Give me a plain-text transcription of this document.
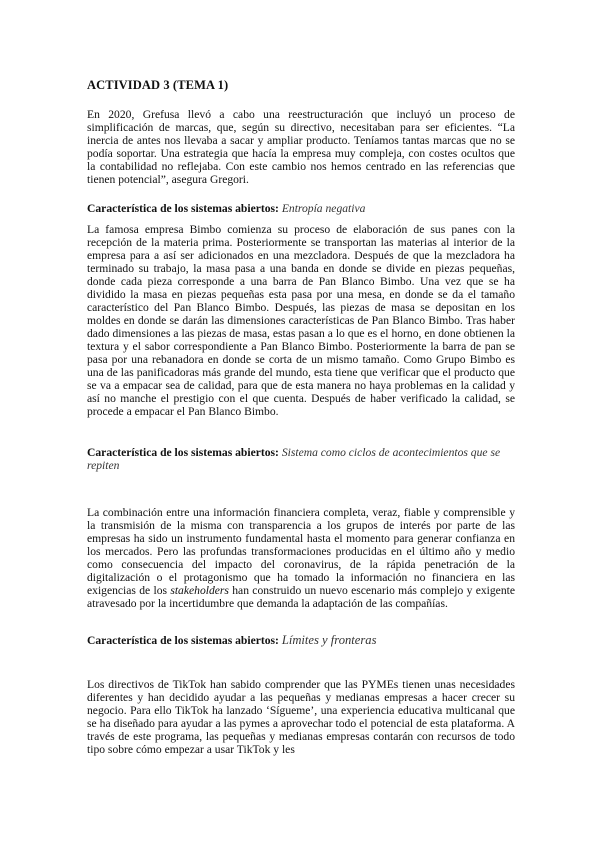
ACTIVIDAD 3 (TEMA 1)

En 2020, Grefusa llevó a cabo una reestructuración que incluyó un proceso de simplificación de marcas, que, según su directivo, necesitaban para ser eficientes. “La inercia de antes nos llevaba a sacar y ampliar producto. Teníamos tantas marcas que no se podía soportar. Una estrategia que hacía la empresa muy compleja, con costes ocultos que la contabilidad no reflejaba. Con este cambio nos hemos centrado en las referencias que tienen potencial”, asegura Gregori.

Característica de los sistemas abiertos: Entropía negativa

La famosa empresa Bimbo comienza su proceso de elaboración de sus panes con la recepción de la materia prima. Posteriormente se transportan las materias al interior de la empresa para a así ser adicionados en una mezcladora. Después de que la mezcladora ha terminado su trabajo, la masa pasa a una banda en donde se divide en piezas pequeñas, donde cada pieza corresponde a una barra de Pan Blanco Bimbo. Una vez que se ha dividido la masa en piezas pequeñas esta pasa por una mesa, en donde se da el tamaño característico del Pan Blanco Bimbo. Después, las piezas de masa se depositan en los moldes en donde se darán las dimensiones características de Pan Blanco Bimbo. Tras haber dado dimensiones a las piezas de masa, estas pasan a lo que es el horno, en done obtienen la textura y el sabor correspondiente a Pan Blanco Bimbo. Posteriormente la barra de pan se pasa por una rebanadora en donde se corta de un mismo tamaño. Como Grupo Bimbo es una de las panificadoras más grande del mundo, esta tiene que verificar que el producto que se va a empacar sea de calidad, para que de esta manera no haya problemas en la calidad y así no manche el prestigio con el que cuenta. Después de haber verificado la calidad, se procede a empacar el Pan Blanco Bimbo.

Característica de los sistemas abiertos: Sistema como ciclos de acontecimientos que se repiten

La combinación entre una información financiera completa, veraz, fiable y comprensible y la transmisión de la misma con transparencia a los grupos de interés por parte de las empresas ha sido un instrumento fundamental hasta el momento para generar confianza en los mercados. Pero las profundas transformaciones producidas en el último año y medio como consecuencia del impacto del coronavirus, de la rápida penetración de la digitalización o el protagonismo que ha tomado la información no financiera en las exigencias de los stakeholders han construido un nuevo escenario más complejo y exigente atravesado por la incertidumbre que demanda la adaptación de las compañías.

Característica de los sistemas abiertos: Límites y fronteras

Los directivos de TikTok han sabido comprender que las PYMEs tienen unas necesidades diferentes y han decidido ayudar a las pequeñas y medianas empresas a hacer crecer su negocio. Para ello TikTok ha lanzado ‘Sígueme’, una experiencia educativa multicanal que se ha diseñado para ayudar a las pymes a aprovechar todo el potencial de esta plataforma. A través de este programa, las pequeñas y medianas empresas contarán con recursos de todo tipo sobre cómo empezar a usar TikTok y les
